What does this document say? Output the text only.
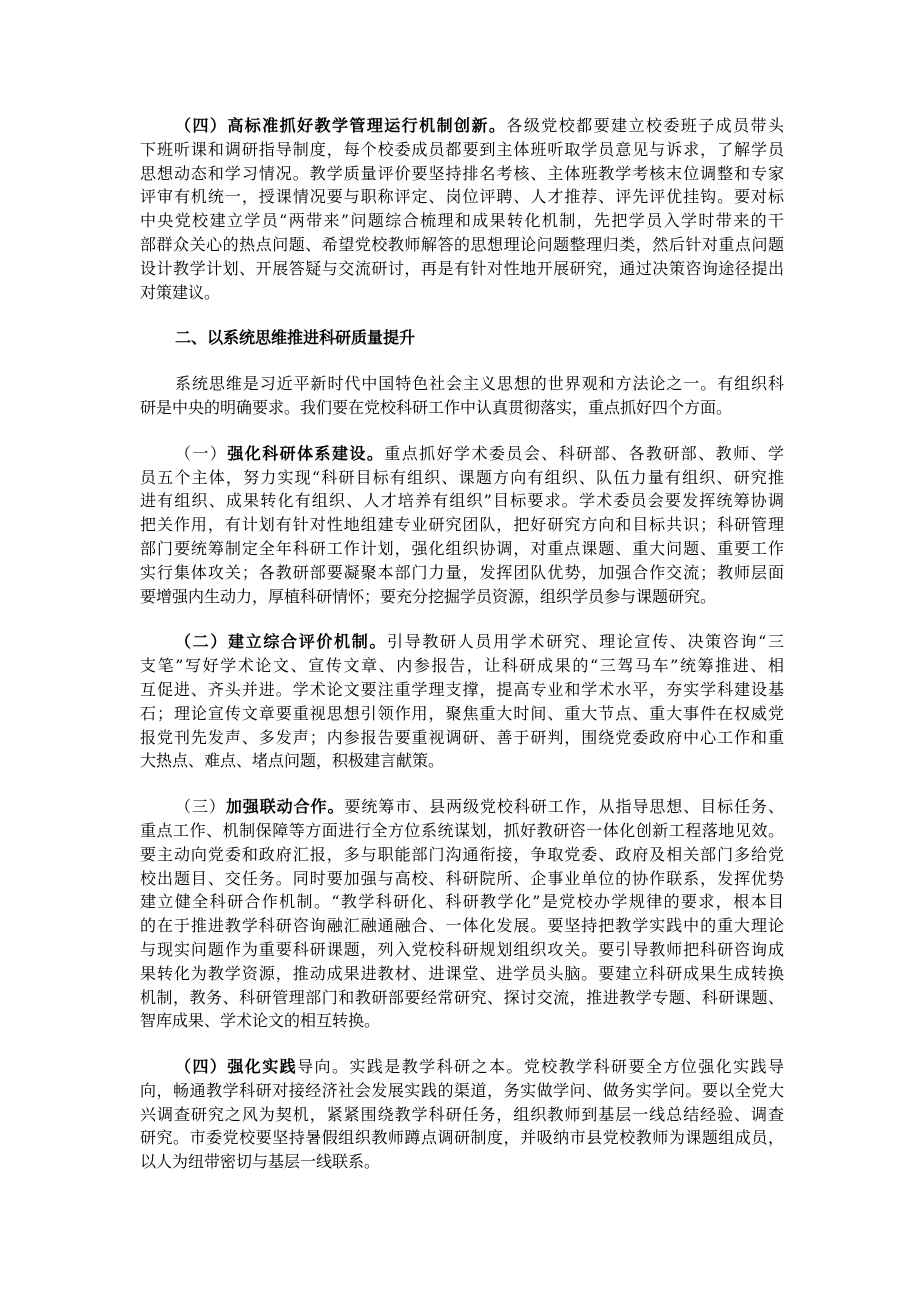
（四）高标准抓好教学管理运行机制创新。各级党校都要建立校委班子成员带头
下班听课和调研指导制度，每个校委成员都要到主体班听取学员意见与诉求，了解学员
思想动态和学习情况。教学质量评价要坚持排名考核、主体班教学考核末位调整和专家
评审有机统一，授课情况要与职称评定、岗位评聘、人才推荐、评先评优挂钩。要对标
中央党校建立学员“两带来”问题综合梳理和成果转化机制，先把学员入学时带来的干
部群众关心的热点问题、希望党校教师解答的思想理论问题整理归类，然后针对重点问题
设计教学计划、开展答疑与交流研讨，再是有针对性地开展研究，通过决策咨询途径提出
对策建议。
二、以系统思维推进科研质量提升
系统思维是习近平新时代中国特色社会主义思想的世界观和方法论之一。有组织科
研是中央的明确要求。我们要在党校科研工作中认真贯彻落实，重点抓好四个方面。
（一）强化科研体系建设。重点抓好学术委员会、科研部、各教研部、教师、学
员五个主体，努力实现“科研目标有组织、课题方向有组织、队伍力量有组织、研究推
进有组织、成果转化有组织、人才培养有组织”目标要求。学术委员会要发挥统筹协调
把关作用，有计划有针对性地组建专业研究团队，把好研究方向和目标共识；科研管理
部门要统筹制定全年科研工作计划，强化组织协调，对重点课题、重大问题、重要工作
实行集体攻关；各教研部要凝聚本部门力量，发挥团队优势，加强合作交流；教师层面
要增强内生动力，厚植科研情怀；要充分挖掘学员资源，组织学员参与课题研究。
（二）建立综合评价机制。引导教研人员用学术研究、理论宣传、决策咨询“三
支笔”写好学术论文、宣传文章、内参报告，让科研成果的“三驾马车”统筹推进、相
互促进、齐头并进。学术论文要注重学理支撑，提高专业和学术水平，夯实学科建设基
石；理论宣传文章要重视思想引领作用，聚焦重大时间、重大节点、重大事件在权威党
报党刊先发声、多发声；内参报告要重视调研、善于研判，围绕党委政府中心工作和重
大热点、难点、堵点问题，积极建言献策。
（三）加强联动合作。要统筹市、县两级党校科研工作，从指导思想、目标任务、
重点工作、机制保障等方面进行全方位系统谋划，抓好教研咨一体化创新工程落地见效。
要主动向党委和政府汇报，多与职能部门沟通衔接，争取党委、政府及相关部门多给党
校出题目、交任务。同时要加强与高校、科研院所、企事业单位的协作联系，发挥优势
建立健全科研合作机制。“教学科研化、科研教学化”是党校办学规律的要求，根本目
的在于推进教学科研咨询融汇融通融合、一体化发展。要坚持把教学实践中的重大理论
与现实问题作为重要科研课题，列入党校科研规划组织攻关。要引导教师把科研咨询成
果转化为教学资源，推动成果进教材、进课堂、进学员头脑。要建立科研成果生成转换
机制，教务、科研管理部门和教研部要经常研究、探讨交流，推进教学专题、科研课题、
智库成果、学术论文的相互转换。
（四）强化实践导向。实践是教学科研之本。党校教学科研要全方位强化实践导
向，畅通教学科研对接经济社会发展实践的渠道，务实做学问、做务实学问。要以全党大
兴调查研究之风为契机，紧紧围绕教学科研任务，组织教师到基层一线总结经验、调查
研究。市委党校要坚持暑假组织教师蹲点调研制度，并吸纳市县党校教师为课题组成员，
以人为纽带密切与基层一线联系。
